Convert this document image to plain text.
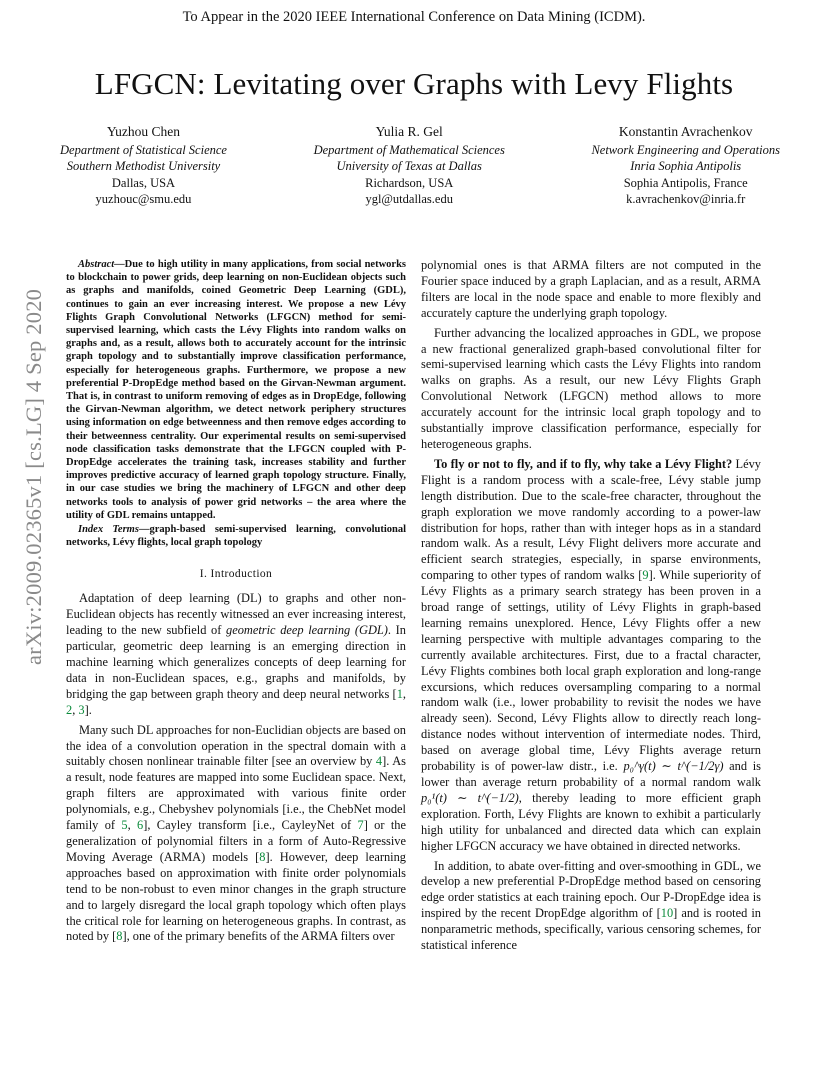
To Appear in the 2020 IEEE International Conference on Data Mining (ICDM).
LFGCN: Levitating over Graphs with Levy Flights
Yuzhou Chen
Department of Statistical Science
Southern Methodist University
Dallas, USA
yuzhouc@smu.edu
Yulia R. Gel
Department of Mathematical Sciences
University of Texas at Dallas
Richardson, USA
ygl@utdallas.edu
Konstantin Avrachenkov
Network Engineering and Operations
Inria Sophia Antipolis
Sophia Antipolis, France
k.avrachenkov@inria.fr
arXiv:2009.02365v1 [cs.LG] 4 Sep 2020

Abstract—Due to high utility in many applications, from social networks to blockchain to power grids, deep learning on non-Euclidean objects such as graphs and manifolds, coined Geometric Deep Learning (GDL), continues to gain an ever increasing interest. We propose a new Lévy Flights Graph Convolutional Networks (LFGCN) method for semi-supervised learning, which casts the Lévy Flights into random walks on graphs and, as a result, allows both to accurately account for the intrinsic graph topology and to substantially improve classification performance, especially for heterogeneous graphs. Furthermore, we propose a new preferential P-DropEdge method based on the Girvan-Newman argument. That is, in contrast to uniform removing of edges as in DropEdge, following the Girvan-Newman algorithm, we detect network periphery structures using information on edge betweenness and then remove edges according to their betweenness centrality. Our experimental results on semi-supervised node classification tasks demonstrate that the LFGCN coupled with P-DropEdge accelerates the training task, increases stability and further improves predictive accuracy of learned graph topology structure. Finally, in our case studies we bring the machinery of LFGCN and other deep networks tools to analysis of power grid networks – the area where the utility of GDL remains untapped.

Index Terms—graph-based semi-supervised learning, convolutional networks, Lévy flights, local graph topology

I. Introduction

Adaptation of deep learning (DL) to graphs and other non-Euclidean objects has recently witnessed an ever increasing interest, leading to the new subfield of geometric deep learning (GDL). In particular, geometric deep learning is an emerging direction in machine learning which generalizes concepts of deep learning for data in non-Euclidean spaces, e.g., graphs and manifolds, by bridging the gap between graph theory and deep neural networks [1, 2, 3].

Many such DL approaches for non-Euclidian objects are based on the idea of a convolution operation in the spectral domain with a suitably chosen nonlinear trainable filter [see an overview by 4]. As a result, node features are mapped into some Euclidean space. Next, graph filters are approximated with various finite order polynomials, e.g., Chebyshev polynomials [i.e., the ChebNet model family of 5, 6], Cayley transform [i.e., CayleyNet of 7] or the generalization of polynomial filters in a form of Auto-Regressive Moving Average (ARMA) models [8]. However, deep learning approaches based on approximation with finite order polynomials tend to be non-robust to even minor changes in the graph structure and to largely disregard the local graph topology which often plays the critical role for learning on heterogeneous graphs. In contrast, as noted by [8], one of the primary benefits of the ARMA filters over

polynomial ones is that ARMA filters are not computed in the Fourier space induced by a graph Laplacian, and as a result, ARMA filters are local in the node space and enable to more flexibly and accurately capture the underlying graph topology.

Further advancing the localized approaches in GDL, we propose a new fractional generalized graph-based convolutional filter for semi-supervised learning which casts the Lévy Flights into random walks on graphs. As a result, our new Lévy Flights Graph Convolutional Network (LFGCN) method allows to more accurately account for the intrinsic local graph topology and to substantially improve classification performance, especially for heterogeneous graphs.

To fly or not to fly, and if to fly, why take a Lévy Flight? Lévy Flight is a random process with a scale-free, Lévy stable jump length distribution. Due to the scale-free character, throughout the graph exploration we move randomly according to a power-law distribution for hops, rather than with integer hops as in a standard random walk. As a result, Lévy Flight delivers more accurate and efficient search strategies, especially, in sparse environments, comparing to other types of random walks [9]. While superiority of Lévy Flights as a primary search strategy has been proven in a broad range of settings, utility of Lévy Flights in graph-based learning remains unexplored. Hence, Lévy Flights offer a new learning perspective with multiple advantages comparing to the currently available architectures. First, due to a fractal character, Lévy Flights combines both local graph exploration and long-range excursions, which reduces oversampling comparing to a normal random walk (i.e., lower probability to revisit the nodes we have already seen). Second, Lévy Flights allow to directly reach long-distance nodes without intervention of intermediate nodes. Third, based on average global time, Lévy Flights average return probability is of power-law distr., i.e. p₀^γ(t) ∼ t^(−1/2γ) and is lower than average return probability of a normal random walk p₀¹(t) ∼ t^(−1/2), thereby leading to more efficient graph exploration. Forth, Lévy Flights are known to exhibit a particularly high utility for unbalanced and directed data which can explain higher LFGCN accuracy we have obtained in directed networks.

In addition, to abate over-fitting and over-smoothing in GDL, we develop a new preferential P-DropEdge method based on censoring edge order statistics at each training epoch. Our P-DropEdge idea is inspired by the recent DropEdge algorithm of [10] and is rooted in nonparametric methods, specifically, various censoring schemes, for statistical inference
